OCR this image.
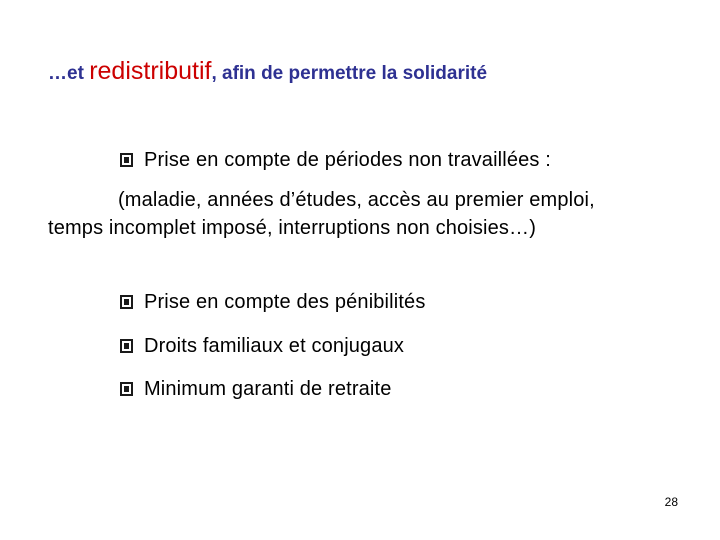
…et redistributif, afin de permettre la solidarité
Prise en compte de périodes non travaillées :
(maladie, années d’études, accès au premier emploi, temps incomplet imposé, interruptions non choisies…)
Prise en compte des pénibilités
Droits familiaux et conjugaux
Minimum garanti de retraite
28
